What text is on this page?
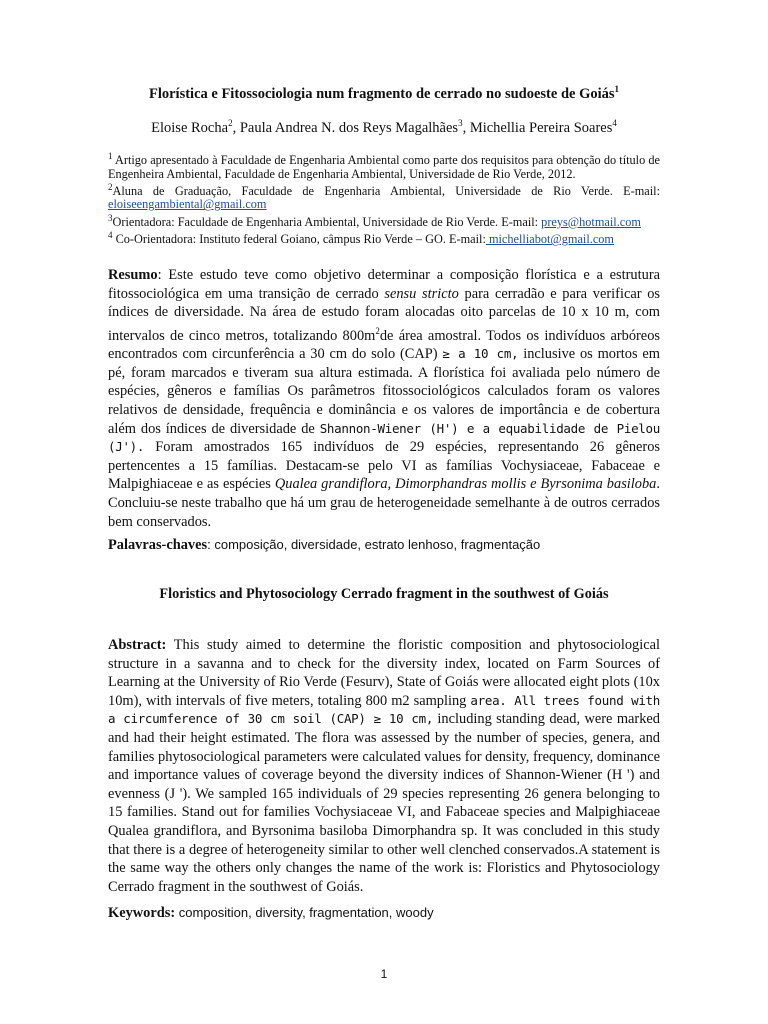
Florística e Fitossociologia num fragmento de cerrado no sudoeste de Goiás$^1$
Eloise Rocha$^2$, Paula Andrea N. dos Reys Magalhães$^3$, Michellia Pereira Soares$^4$

$^1$ Artigo apresentado à Faculdade de Engenharia Ambiental como parte dos requisitos para obtenção do título de Engenheira Ambiental, Faculdade de Engenharia Ambiental, Universidade de Rio Verde, 2012.

$^2$Aluna de Graduação, Faculdade de Engenharia Ambiental, Universidade de Rio Verde. E-mail: eloiseengambiental@gmail.com

$^3$Orientadora: Faculdade de Engenharia Ambiental, Universidade de Rio Verde. E-mail: preys@hotmail.com

$^4$ Co-Orientadora: Instituto federal Goiano, câmpus Rio Verde – GO. E-mail: michelliabot@gmail.com

Resumo: Este estudo teve como objetivo determinar a composição florística e a estrutura fitossociológica em uma transição de cerrado sensu stricto para cerradão e para verificar os índices de diversidade. Na área de estudo foram alocadas oito parcelas de 10 x 10 m, com intervalos de cinco metros, totalizando $800m^2de$ área amostral. Todos os indivíduos arbóreos encontrados com circunferência a 30 cm do solo (CAP) ≥ a 10 cm, inclusive os mortos em pé, foram marcados e tiveram sua altura estimada. A florística foi avaliada pelo número de espécies, gêneros e famílias Os parâmetros fitossociológicos calculados foram os valores relativos de densidade, frequência e dominância e os valores de importância e de cobertura além dos índices de diversidade de Shannon-Wiener (H') e a equabilidade de Pielou (J'). Foram amostrados 165 indivíduos de 29 espécies, representando 26 gêneros pertencentes a 15 famílias. Destacam-se pelo VI as famílias Vochysiaceae, Fabaceae e Malpighiaceae e as espécies Qualea grandiflora, Dimorphandras mollis e Byrsonima basiloba. Concluiu-se neste trabalho que há um grau de heterogeneidade semelhante à de outros cerrados bem conservados.
Palavras-chaves: composição, diversidade, estrato lenhoso, fragmentação
Floristics and Phytosociology Cerrado fragment in the southwest of Goiás
Abstract: This study aimed to determine the floristic composition and phytosociological structure in a savanna and to check for the diversity index, located on Farm Sources of Learning at the University of Rio Verde (Fesurv), State of Goiás were allocated eight plots (10x 10m), with intervals of five meters, totaling 800 m2 sampling area. All trees found with a circumference of 30 cm soil (CAP) ≥ 10 cm, including standing dead, were marked and had their height estimated. The flora was assessed by the number of species, genera, and families phytosociological parameters were calculated values for density, frequency, dominance and importance values of coverage beyond the diversity indices of Shannon-Wiener (H ') and evenness (J '). We sampled 165 individuals of 29 species representing 26 genera belonging to 15 families. Stand out for families Vochysiaceae VI, and Fabaceae species and Malpighiaceae Qualea grandiflora, and Byrsonima basiloba Dimorphandra sp. It was concluded in this study that there is a degree of heterogeneity similar to other well clenched conservados.A statement is the same way the others only changes the name of the work is: Floristics and Phytosociology Cerrado fragment in the southwest of Goiás.
Keywords: composition, diversity, fragmentation, woody
1
